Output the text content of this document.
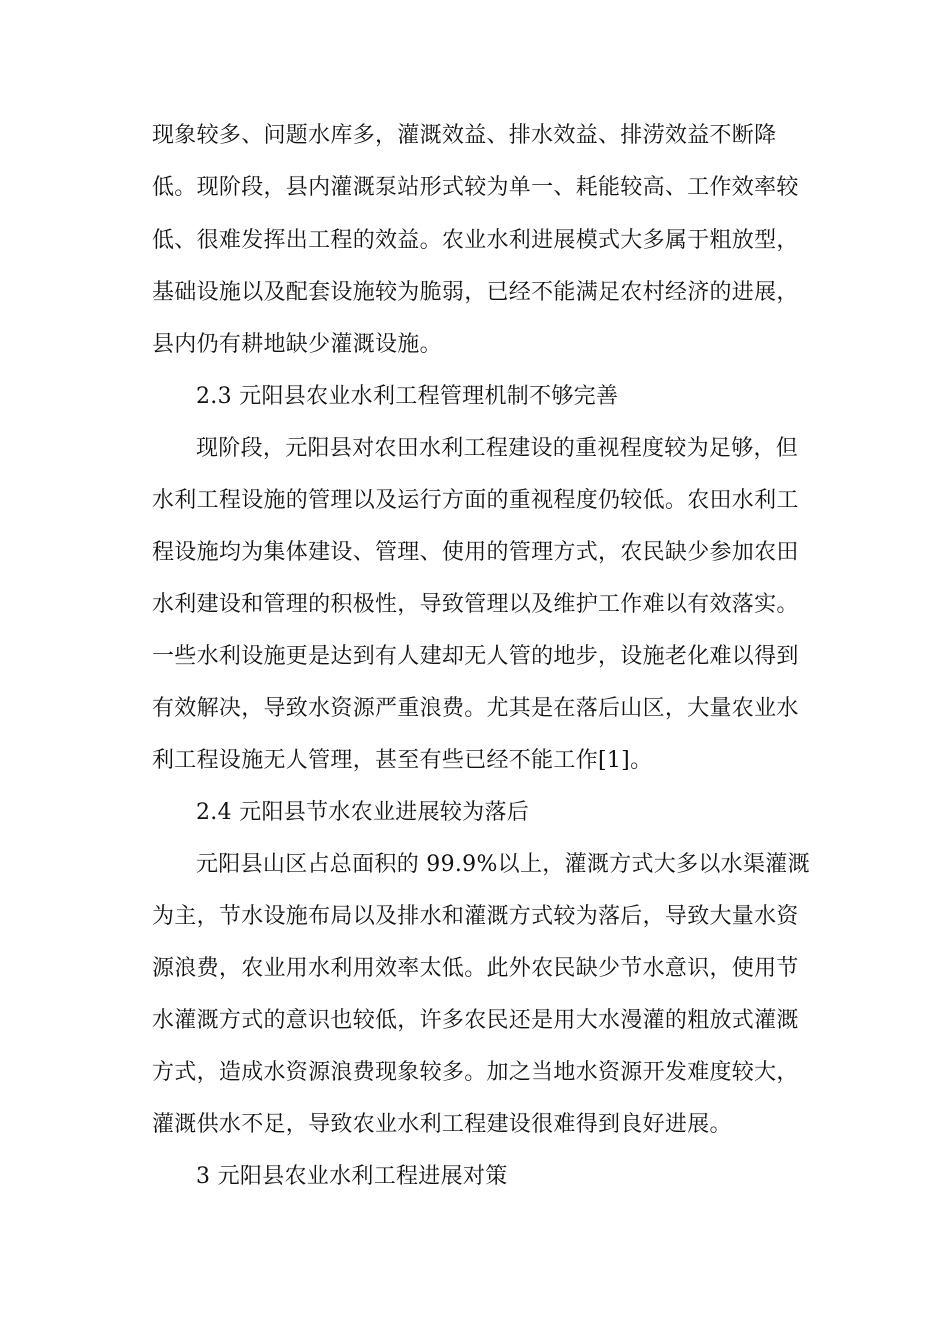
现象较多、问题水库多，灌溉效益、排水效益、排涝效益不断降
低。现阶段，县内灌溉泵站形式较为单一、耗能较高、工作效率较
低、很难发挥出工程的效益。农业水利进展模式大多属于粗放型，
基础设施以及配套设施较为脆弱，已经不能满足农村经济的进展，
县内仍有耕地缺少灌溉设施。
2.3 元阳县农业水利工程管理机制不够完善
现阶段，元阳县对农田水利工程建设的重视程度较为足够，但
水利工程设施的管理以及运行方面的重视程度仍较低。农田水利工
程设施均为集体建设、管理、使用的管理方式，农民缺少参加农田
水利建设和管理的积极性，导致管理以及维护工作难以有效落实。
一些水利设施更是达到有人建却无人管的地步，设施老化难以得到
有效解决，导致水资源严重浪费。尤其是在落后山区，大量农业水
利工程设施无人管理，甚至有些已经不能工作[1]。
2.4 元阳县节水农业进展较为落后
元阳县山区占总面积的 99.9%以上，灌溉方式大多以水渠灌溉
为主，节水设施布局以及排水和灌溉方式较为落后，导致大量水资
源浪费，农业用水利用效率太低。此外农民缺少节水意识，使用节
水灌溉方式的意识也较低，许多农民还是用大水漫灌的粗放式灌溉
方式，造成水资源浪费现象较多。加之当地水资源开发难度较大，
灌溉供水不足，导致农业水利工程建设很难得到良好进展。
3 元阳县农业水利工程进展对策
